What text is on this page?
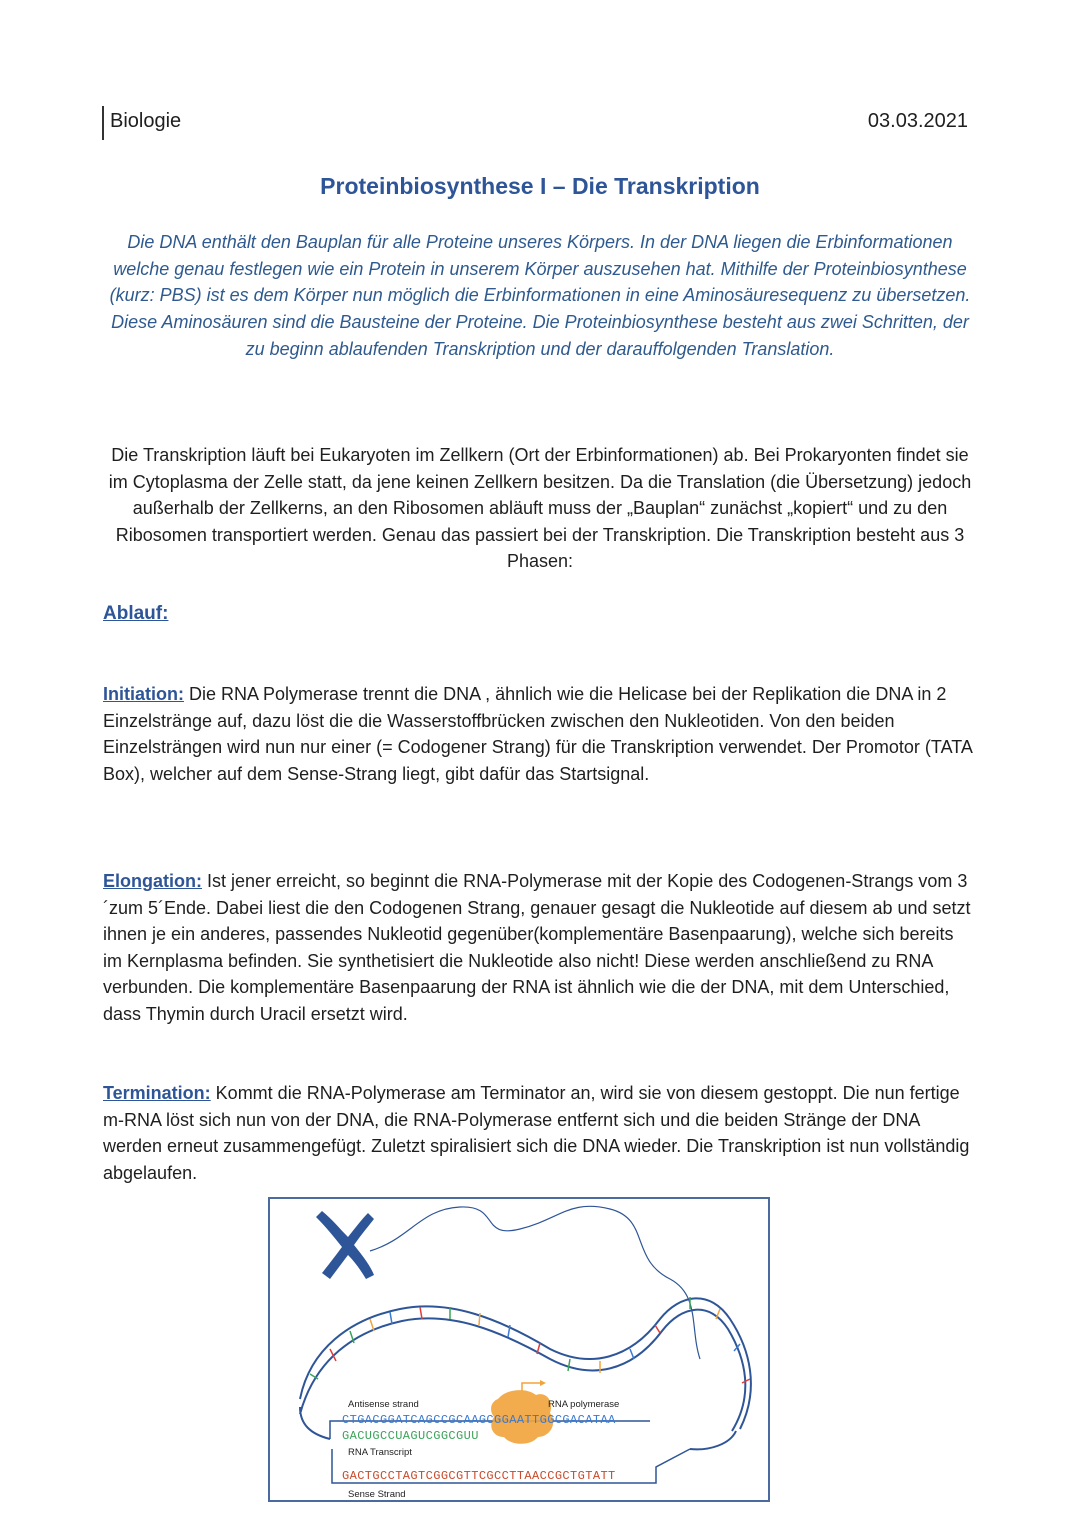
Biologie	03.03.2021
Proteinbiosynthese I – Die Transkription
Die DNA enthält den Bauplan für alle Proteine unseres Körpers. In der DNA liegen die Erbinformationen welche genau festlegen wie ein Protein in unserem Körper auszusehen hat. Mithilfe der Proteinbiosynthese (kurz: PBS) ist es dem Körper nun möglich die Erbinformationen in eine Aminosäuresequenz zu übersetzen. Diese Aminosäuren sind die Bausteine der Proteine. Die Proteinbiosynthese besteht aus zwei Schritten, der zu beginn ablaufenden Transkription und der darauffolgenden Translation.
Die Transkription läuft bei Eukaryoten im Zellkern (Ort der Erbinformationen) ab. Bei Prokaryonten findet sie im Cytoplasma der Zelle statt, da jene keinen Zellkern besitzen. Da die Translation (die Übersetzung) jedoch außerhalb der Zellkerns, an den Ribosomen abläuft muss der „Bauplan“ zunächst „kopiert“ und zu den Ribosomen transportiert werden. Genau das passiert bei der Transkription. Die Transkription besteht aus 3 Phasen:
Ablauf:
Initiation: Die RNA Polymerase trennt die DNA , ähnlich wie die Helicase bei der Replikation die DNA in 2 Einzelstränge auf, dazu löst die die Wasserstoffbrücken zwischen den Nukleotiden. Von den beiden Einzelsträngen wird nun nur einer (= Codogener Strang) für die Transkription verwendet. Der Promotor (TATA Box), welcher auf dem Sense-Strang liegt, gibt dafür das Startsignal.
Elongation: Ist jener erreicht, so beginnt die RNA-Polymerase mit der Kopie des Codogenen-Strangs vom 3´zum 5´Ende. Dabei liest die den Codogenen Strang, genauer gesagt die Nukleotide auf diesem ab und setzt ihnen je ein anderes, passendes Nukleotid gegenüber(komplementäre Basenpaarung), welche sich bereits im Kernplasma befinden. Sie synthetisiert die Nukleotide also nicht! Diese werden anschließend zu RNA verbunden. Die komplementäre Basenpaarung der RNA ist ähnlich wie die der DNA, mit dem Unterschied, dass Thymin durch Uracil ersetzt wird.
Termination: Kommt die RNA-Polymerase am Terminator an, wird sie von diesem gestoppt. Die nun fertige m-RNA löst sich nun von der DNA, die RNA-Polymerase entfernt sich und die beiden Stränge der DNA werden erneut zusammengefügt. Zuletzt spiralisiert sich die DNA wieder. Die Transkription ist nun vollständig abgelaufen.
Antisense strand	RNA polymerase
CTGACGGATCAGCCGCAAGCGGAATTGGCGACATAA
GACUGCCUAGUCGGCGUU
RNA Transcript
GACTGCCTAGTCGGCGTTCGCCTTAACCGCTGTATT
Sense Strand
